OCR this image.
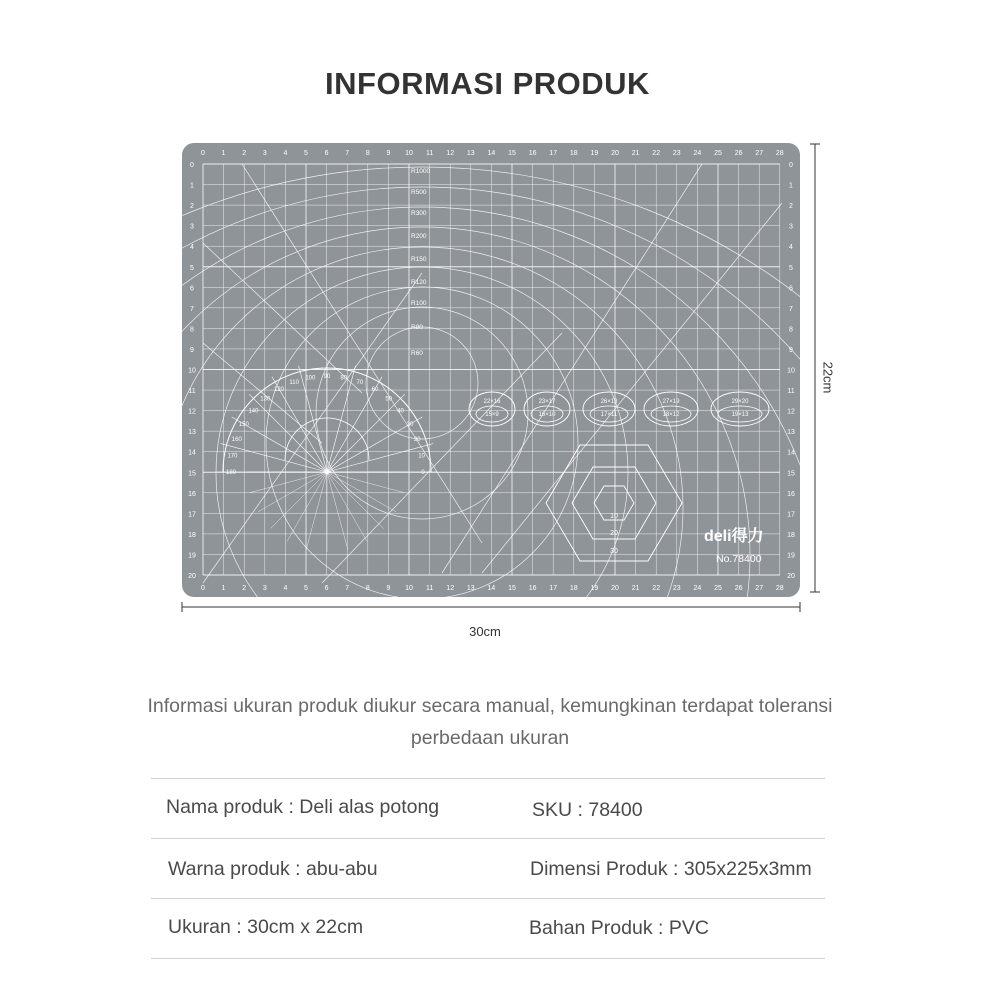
INFORMASI PRODUK
0
0
1
1
2
2
3
3
4
4
5
5
6
6
7
7
8
8
9
9
10
10
11
11
12
12
13
13
14
14
15
15
16
16
17
17
18
18
19
19
20
20
21
21
22
22
23
23
24
24
25
25
26
26
27
27
28
28
0	0
1	1
2	2
3	3
4	4
5	5
6	6
7	7
8	8
9	9
10	10
11	11
12	12
13	13
14	14
15	15
16	16
17	17
18	18
19	19
20	20
R1000
R500
R300
R200
R150
R120
R100
R80
R60
180
170
160
150
140
130
120
110
100 90 80
70
60
50
40
30
20
10
0
22×16
15×9
23×17
16×10
26×18
17×11
27×19
18×12
29×20
19×13
10
20
30
deli得力
No.78400
30cm
22cm
Informasi ukuran produk diukur secara manual, kemungkinan terdapat toleransi perbedaan ukuran
Nama produk : Deli alas potong	SKU : 78400
Warna produk : abu-abu	Dimensi Produk : 305x225x3mm
Ukuran : 30cm x 22cm	Bahan Produk : PVC
